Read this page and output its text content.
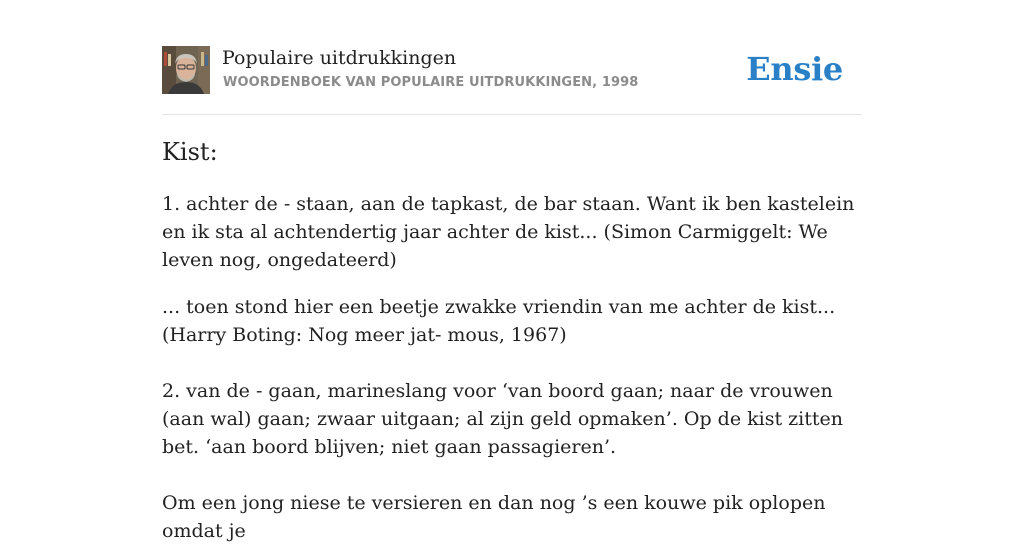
Populaire uitdrukkingen
WOORDENBOEK VAN POPULAIRE UITDRUKKINGEN, 1998	Ensie
Kist:

1. achter de - staan, aan de tapkast, de bar staan. Want ik ben kastelein en ik sta al achtendertig jaar achter de kist... (Simon Carmiggelt: We leven nog, ongedateerd)

... toen stond hier een beetje zwakke vriendin van me achter de kist... (Harry Boting: Nog meer jat- mous, 1967)

2. van de - gaan, marineslang voor ‘van boord gaan; naar de vrouwen (aan wal) gaan; zwaar uitgaan; al zijn geld opmaken’. Op de kist zitten bet. ‘aan boord blijven; niet gaan passagieren’.

Om een jong niese te versieren en dan nog ’s een kouwe pik oplopen omdat je
